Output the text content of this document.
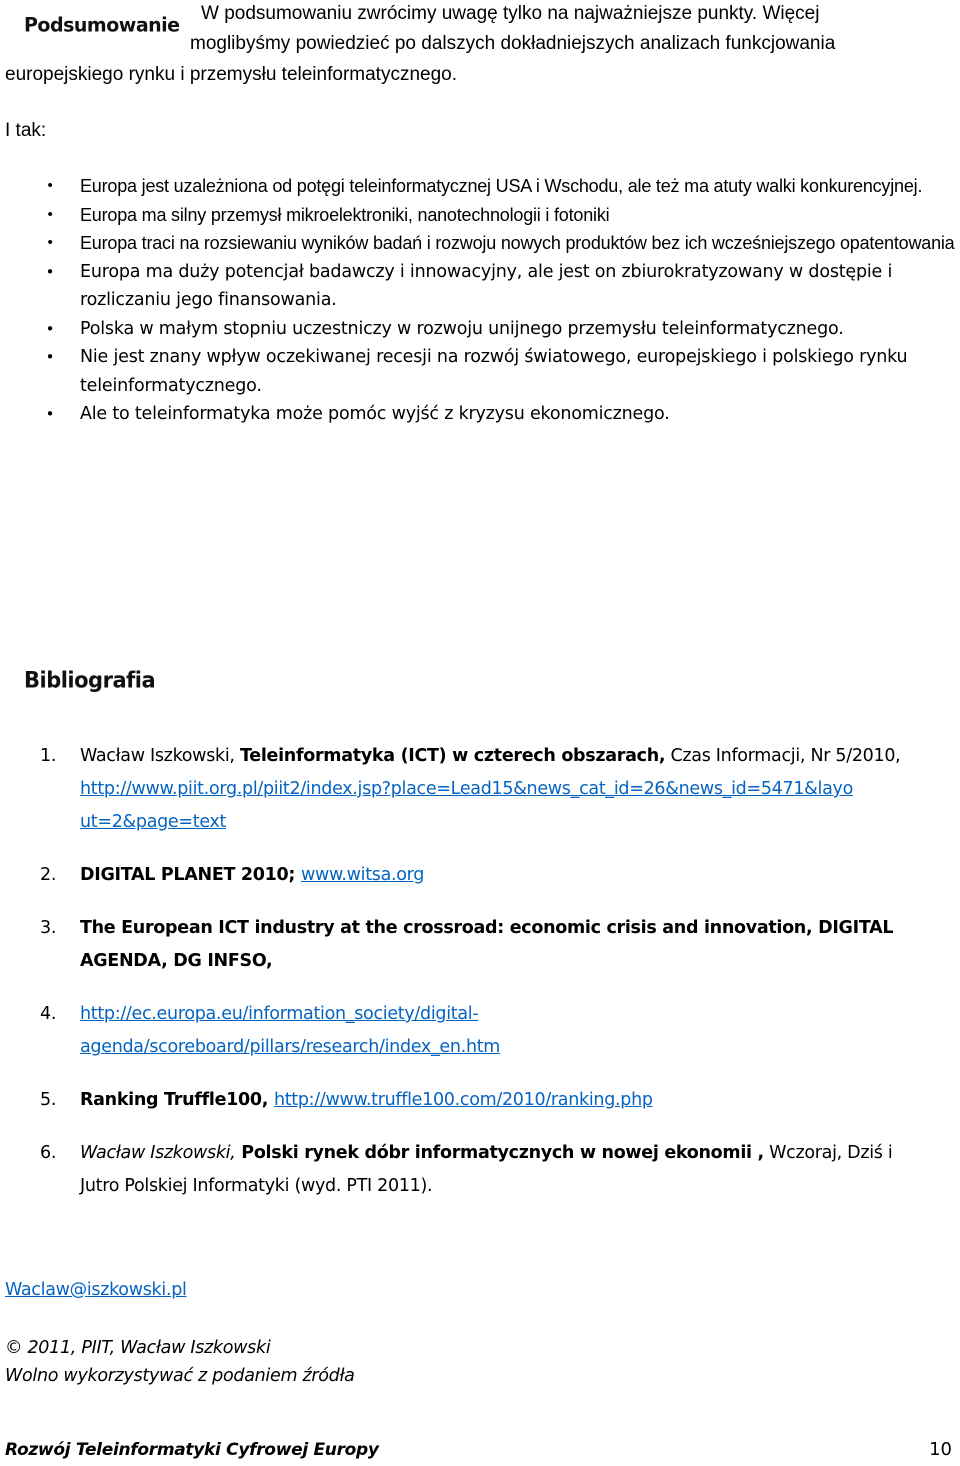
Podsumowanie W podsumowaniu zwrócimy uwagę tylko na najważniejsze punkty. Więcej
moglibyśmy powiedzieć po dalszych dokładniejszych analizach funkcjowania
europejskiego rynku i przemysłu teleinformatycznego.
I tak:
•	Europa jest uzależniona od potęgi teleinformatycznej USA i Wschodu, ale też ma atuty walki konkurencyjnej.
•	Europa ma silny przemysł mikroelektroniki, nanotechnologii i fotoniki
•	Europa traci na rozsiewaniu wyników badań i rozwoju nowych produktów bez ich wcześniejszego opatentowania
•	Europa ma duży potencjał badawczy i innowacyjny, ale jest on zbiurokratyzowany w dostępie i rozliczaniu jego finansowania.
•	Polska w małym stopniu uczestniczy w rozwoju unijnego przemysłu teleinformatycznego.
•	Nie jest znany wpływ oczekiwanej recesji na rozwój światowego, europejskiego i polskiego rynku teleinformatycznego.
•	Ale to teleinformatyka może pomóc wyjść z kryzysu ekonomicznego.
Bibliografia
1. Wacław Iszkowski, Teleinformatyka (ICT) w czterech obszarach, Czas Informacji, Nr 5/2010,
http://www.piit.org.pl/piit2/index.jsp?place=Lead15&news_cat_id=26&news_id=5471&layo
ut=2&page=text
2. DIGITAL PLANET 2010; www.witsa.org
3. The European ICT industry at the crossroad: economic crisis and innovation, DIGITAL
AGENDA, DG INFSO,
4. http://ec.europa.eu/information_society/digital-
agenda/scoreboard/pillars/research/index_en.htm
5. Ranking Truffle100, http://www.truffle100.com/2010/ranking.php
6. Wacław Iszkowski, Polski rynek dóbr informatycznych w nowej ekonomii , Wczoraj, Dziś i
Jutro Polskiej Informatyki (wyd. PTI 2011).
Waclaw@iszkowski.pl
© 2011, PIIT, Wacław Iszkowski
Wolno wykorzystywać z podaniem źródła
Rozwój Teleinformatyki Cyfrowej Europy	10
